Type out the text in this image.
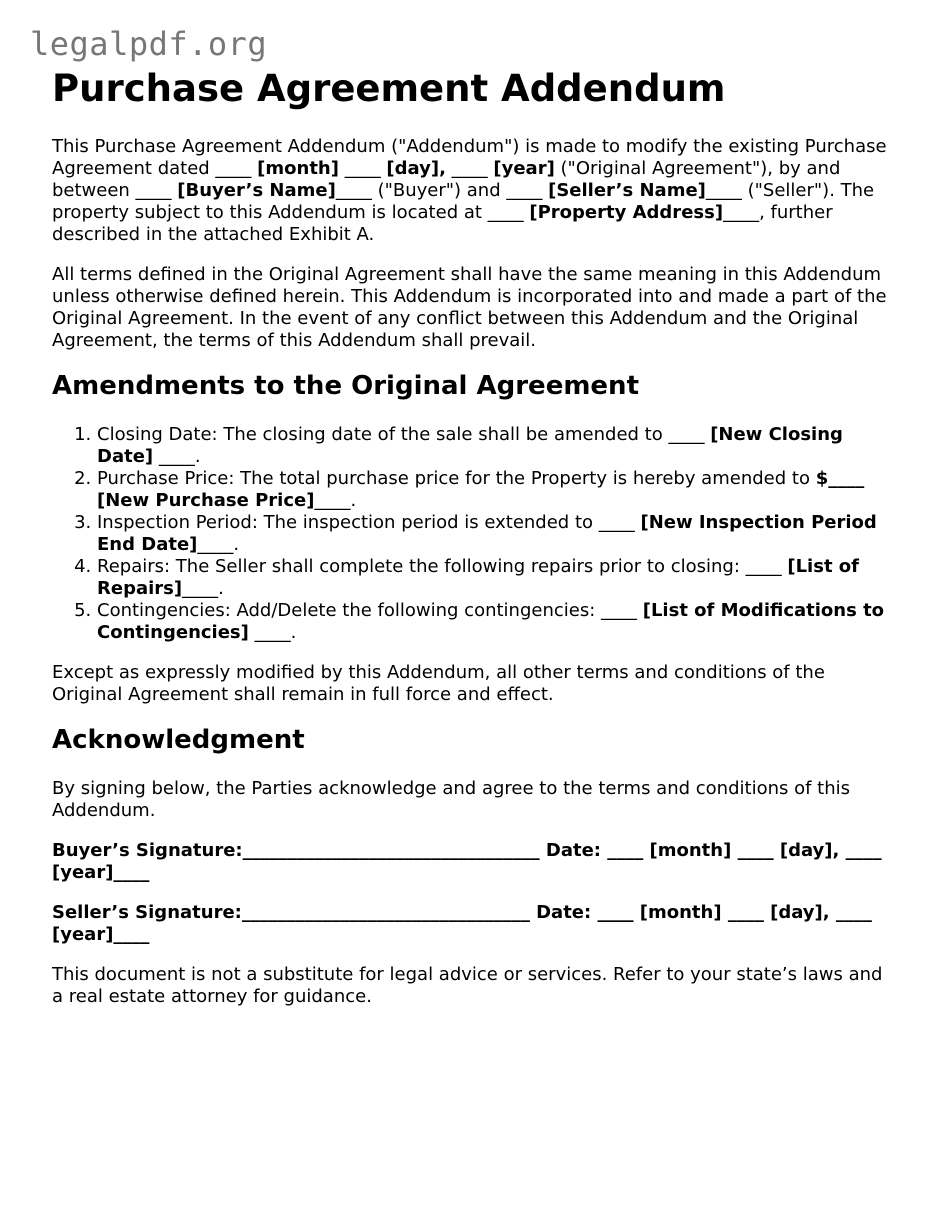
legalpdf.org
Purchase Agreement Addendum

This Purchase Agreement Addendum ("Addendum") is made to modify the existing Purchase Agreement dated ____ [month] ____ [day], ____ [year] ("Original Agreement"), by and between ____ [Buyer’s Name]____ ("Buyer") and ____ [Seller’s Name]____ ("Seller"). The property subject to this Addendum is located at ____ [Property Address]____, further described in the attached Exhibit A.

All terms defined in the Original Agreement shall have the same meaning in this Addendum unless otherwise defined herein. This Addendum is incorporated into and made a part of the Original Agreement. In the event of any conflict between this Addendum and the Original Agreement, the terms of this Addendum shall prevail.

Amendments to the Original Agreement
1. Closing Date: The closing date of the sale shall be amended to ____ [New Closing Date] ____.
2. Purchase Price: The total purchase price for the Property is hereby amended to $____ [New Purchase Price]____.
3. Inspection Period: The inspection period is extended to ____ [New Inspection Period End Date]____.
4. Repairs: The Seller shall complete the following repairs prior to closing: ____ [List of Repairs]____.
5. Contingencies: Add/Delete the following contingencies: ____ [List of Modifications to Contingencies] ____.

Except as expressly modified by this Addendum, all other terms and conditions of the Original Agreement shall remain in full force and effect.

Acknowledgment

By signing below, the Parties acknowledge and agree to the terms and conditions of this Addendum.

Buyer’s Signature:_________________________________ Date: ____ [month] ____ [day], ____ [year]____

Seller’s Signature:________________________________ Date: ____ [month] ____ [day], ____ [year]____

This document is not a substitute for legal advice or services. Refer to your state’s laws and a real estate attorney for guidance.
